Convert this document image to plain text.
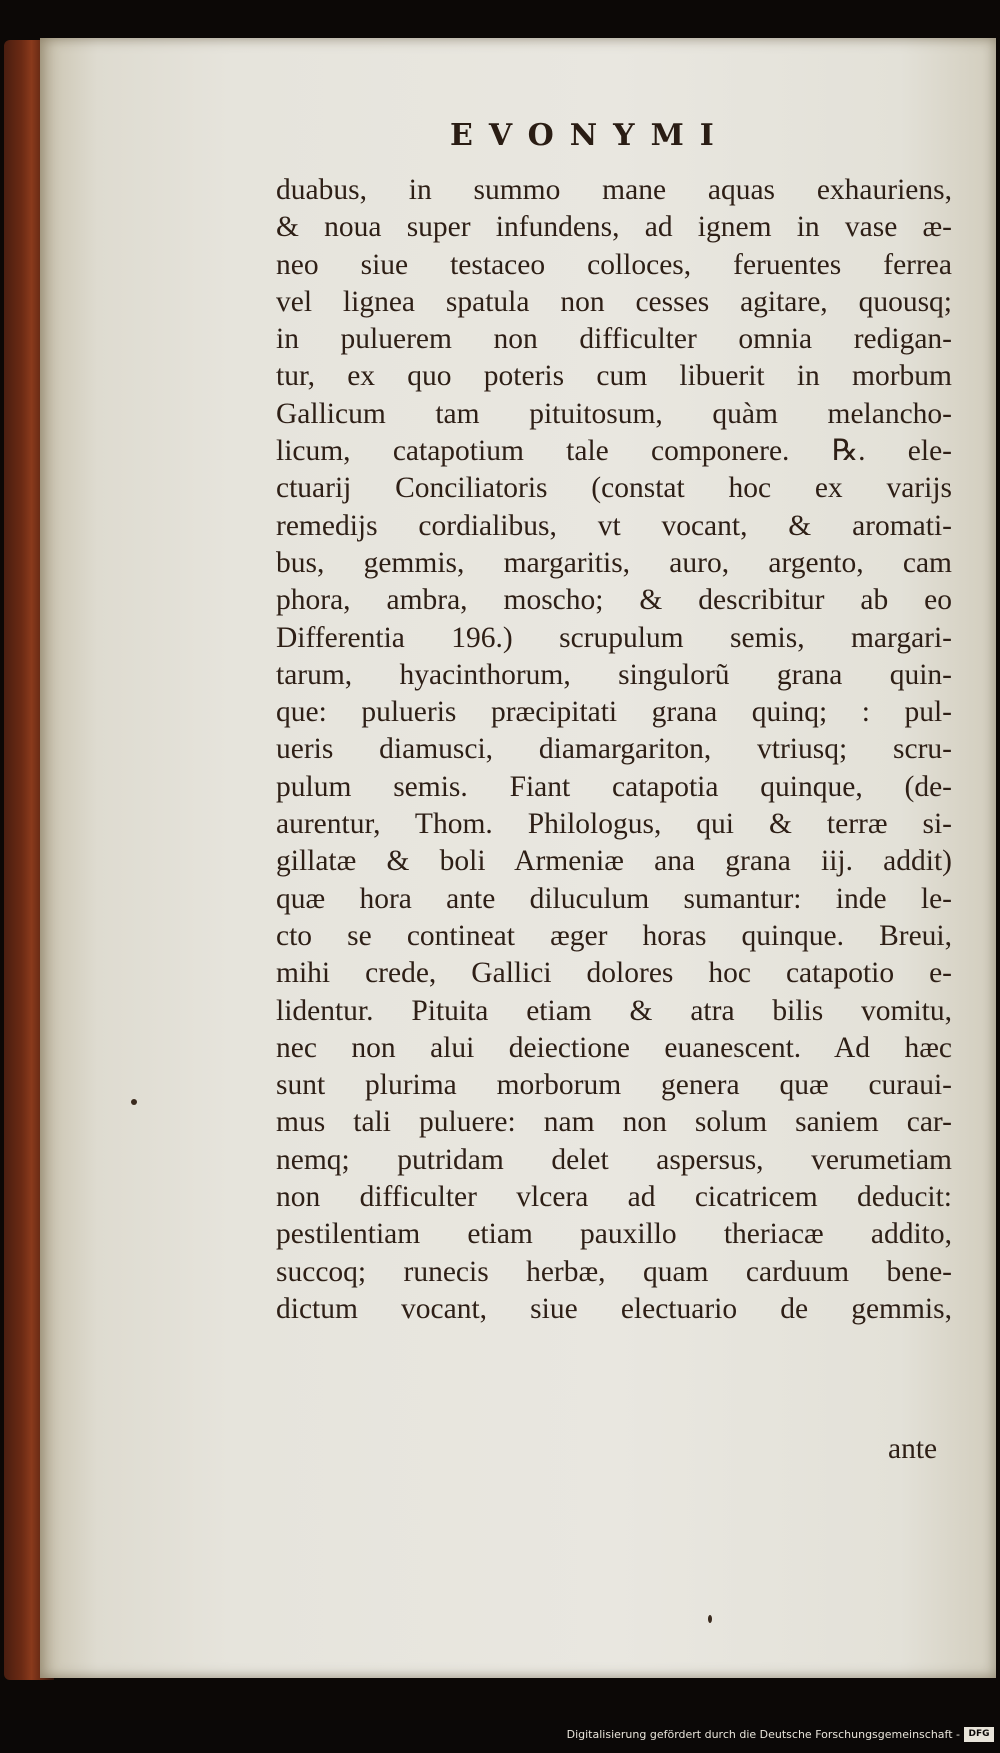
EVONYMI
duabus, in summo mane aquas exhauriens,
& noua super infundens, ad ignem in vase æ-
neo siue testaceo colloces, feruentes ferrea
vel lignea spatula non cesses agitare, quousq;
in puluerem non difficulter omnia redigan-
tur, ex quo poteris cum libuerit in morbum
Gallicum tam pituitosum, quàm melancho-
licum, catapotium tale componere. ℞. ele-
ctuarij Conciliatoris (constat hoc ex varijs
remedijs cordialibus, vt vocant, & aromati-
bus, gemmis, margaritis, auro, argento, cam
phora, ambra, moscho; & describitur ab eo
Differentia 196.) scrupulum semis, margari-
tarum, hyacinthorum, singulorũ grana quin-
que: pulueris præcipitati grana quinq; : pul-
ueris diamusci, diamargariton, vtriusq; scru-
pulum semis. Fiant catapotia quinque, (de-
aurentur, Thom. Philologus, qui & terræ si-
gillatæ & boli Armeniæ ana grana iij. addit)
quæ hora ante diluculum sumantur: inde le-
cto se contineat æger horas quinque. Breui,
mihi crede, Gallici dolores hoc catapotio e-
lidentur. Pituita etiam & atra bilis vomitu,
nec non alui deiectione euanescent. Ad hæc
sunt plurima morborum genera quæ curaui-
mus tali puluere: nam non solum saniem car-
nemq; putridam delet aspersus, verumetiam
non difficulter vlcera ad cicatricem deducit:
pestilentiam etiam pauxillo theriacæ addito,
succoq; runecis herbæ, quam carduum bene-
dictum vocant, siue electuario de gemmis,
ante
Digitalisierung gefördert durch die Deutsche Forschungsgemeinschaft - DFG
